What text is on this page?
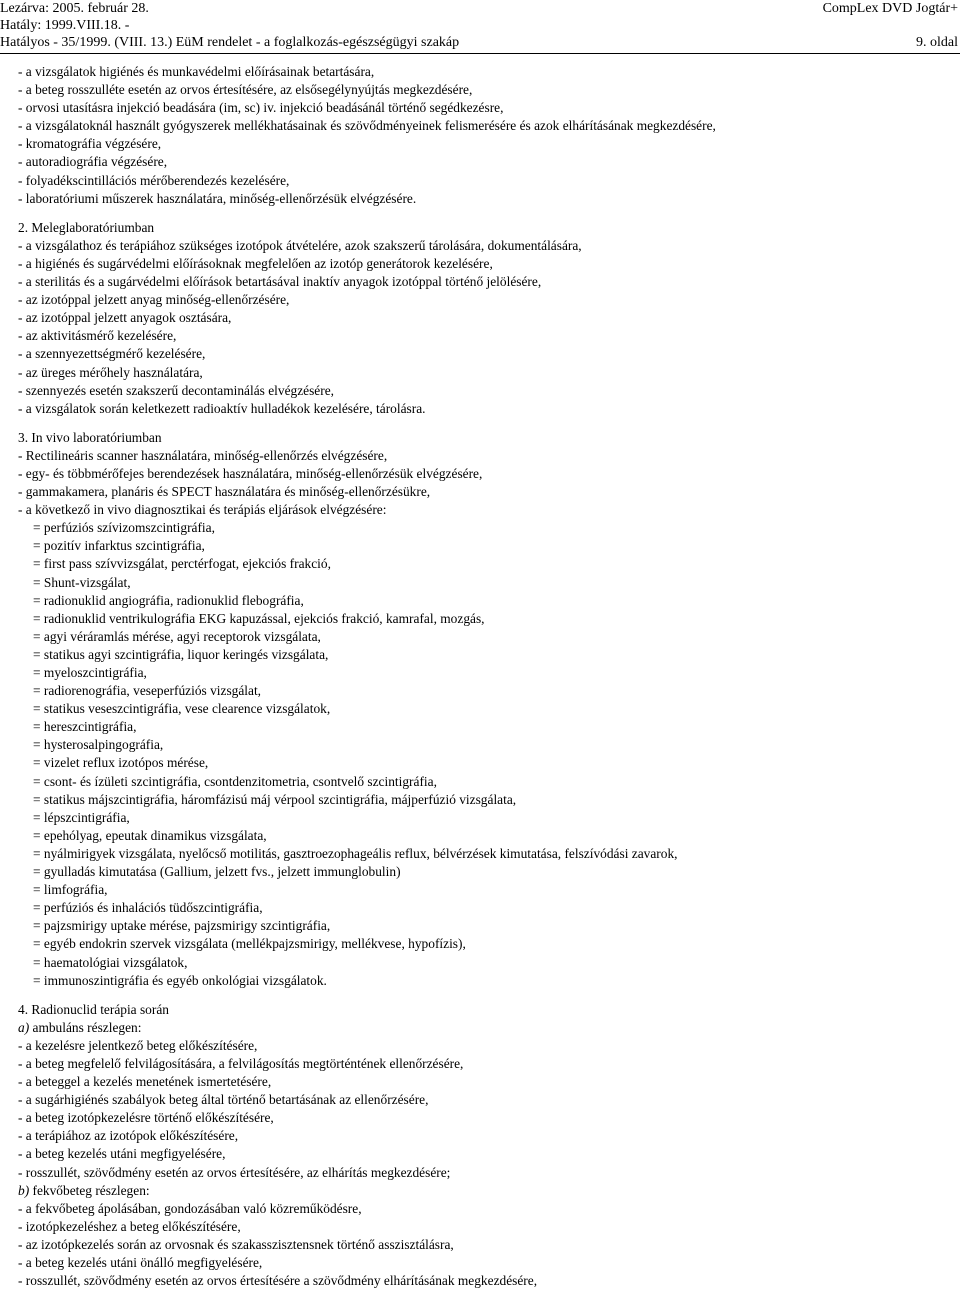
Lezárva: 2005. február 28.	CompLex DVD Jogtár+
Hatály: 1999.VIII.18. -
Hatályos - 35/1999. (VIII. 13.) EüM rendelet - a foglalkozás-egészségügyi szakáp	9. oldal
- a vizsgálatok higiénés és munkavédelmi előírásainak betartására,
- a beteg rosszulléte esetén az orvos értesítésére, az elsősegélynyújtás megkezdésére,
- orvosi utasításra injekció beadására (im, sc) iv. injekció beadásánál történő segédkezésre,
- a vizsgálatoknál használt gyógyszerek mellékhatásainak és szövődményeinek felismerésére és azok elhárításának megkezdésére,
- kromatográfia végzésére,
- autoradiográfia végzésére,
- folyadékscintillációs mérőberendezés kezelésére,
- laboratóriumi műszerek használatára, minőség-ellenőrzésük elvégzésére.
2. Meleglaboratóriumban
- a vizsgálathoz és terápiához szükséges izotópok átvételére, azok szakszerű tárolására, dokumentálására,
- a higiénés és sugárvédelmi előírásoknak megfelelően az izotóp generátorok kezelésére,
- a sterilitás és a sugárvédelmi előírások betartásával inaktív anyagok izotóppal történő jelölésére,
- az izotóppal jelzett anyag minőség-ellenőrzésére,
- az izotóppal jelzett anyagok osztására,
- az aktivitásmérő kezelésére,
- a szennyezettségmérő kezelésére,
- az üreges mérőhely használatára,
- szennyezés esetén szakszerű decontaminálás elvégzésére,
- a vizsgálatok során keletkezett radioaktív hulladékok kezelésére, tárolásra.
3. In vivo laboratóriumban
- Rectilineáris scanner használatára, minőség-ellenőrzés elvégzésére,
- egy- és többmérőfejes berendezések használatára, minőség-ellenőrzésük elvégzésére,
- gammakamera, planáris és SPECT használatára és minőség-ellenőrzésükre,
- a következő in vivo diagnosztikai és terápiás eljárások elvégzésére:
= perfúziós szívizomszcintigráfia,
= pozitív infarktus szcintigráfia,
= first pass szívvizsgálat, perctérfogat, ejekciós frakció,
= Shunt-vizsgálat,
= radionuklid angiográfia, radionuklid flebográfia,
= radionuklid ventrikulográfia EKG kapuzással, ejekciós frakció, kamrafal, mozgás,
= agyi véráramlás mérése, agyi receptorok vizsgálata,
= statikus agyi szcintigráfia, liquor keringés vizsgálata,
= myeloszcintigráfia,
= radiorenográfia, veseperfúziós vizsgálat,
= statikus veseszcintigráfia, vese clearence vizsgálatok,
= hereszcintigráfia,
= hysterosalpingográfia,
= vizelet reflux izotópos mérése,
= csont- és ízületi szcintigráfia, csontdenzitometria, csontvelő szcintigráfia,
= statikus májszcintigráfia, háromfázisú máj vérpool szcintigráfia, májperfúzió vizsgálata,
= lépszcintigráfia,
= epehólyag, epeutak dinamikus vizsgálata,
= nyálmirigyek vizsgálata, nyelőcső motilitás, gasztroezophageális reflux, bélvérzések kimutatása, felszívódási zavarok,
= gyulladás kimutatása (Gallium, jelzett fvs., jelzett immunglobulin)
= limfográfia,
= perfúziós és inhalációs tüdőszcintigráfia,
= pajzsmirigy uptake mérése, pajzsmirigy szcintigráfia,
= egyéb endokrin szervek vizsgálata (mellékpajzsmirigy, mellékvese, hypofízis),
= haematológiai vizsgálatok,
= immunoszintigráfia és egyéb onkológiai vizsgálatok.
4. Radionuclid terápia során
a) ambuláns részlegen:
- a kezelésre jelentkező beteg előkészítésére,
- a beteg megfelelő felvilágosítására, a felvilágosítás megtörténtének ellenőrzésére,
- a beteggel a kezelés menetének ismertetésére,
- a sugárhigiénés szabályok beteg által történő betartásának az ellenőrzésére,
- a beteg izotópkezelésre történő előkészítésére,
- a terápiához az izotópok előkészítésére,
- a beteg kezelés utáni megfigyelésére,
- rosszullét, szövődmény esetén az orvos értesítésére, az elhárítás megkezdésére;
b) fekvőbeteg részlegen:
- a fekvőbeteg ápolásában, gondozásában való közreműködésre,
- izotópkezeléshez a beteg előkészítésére,
- az izotópkezelés során az orvosnak és szakasszisztensnek történő asszisztálásra,
- a beteg kezelés utáni önálló megfigyelésére,
- rosszullét, szövődmény esetén az orvos értesítésére a szövődmény elhárításának megkezdésére,
